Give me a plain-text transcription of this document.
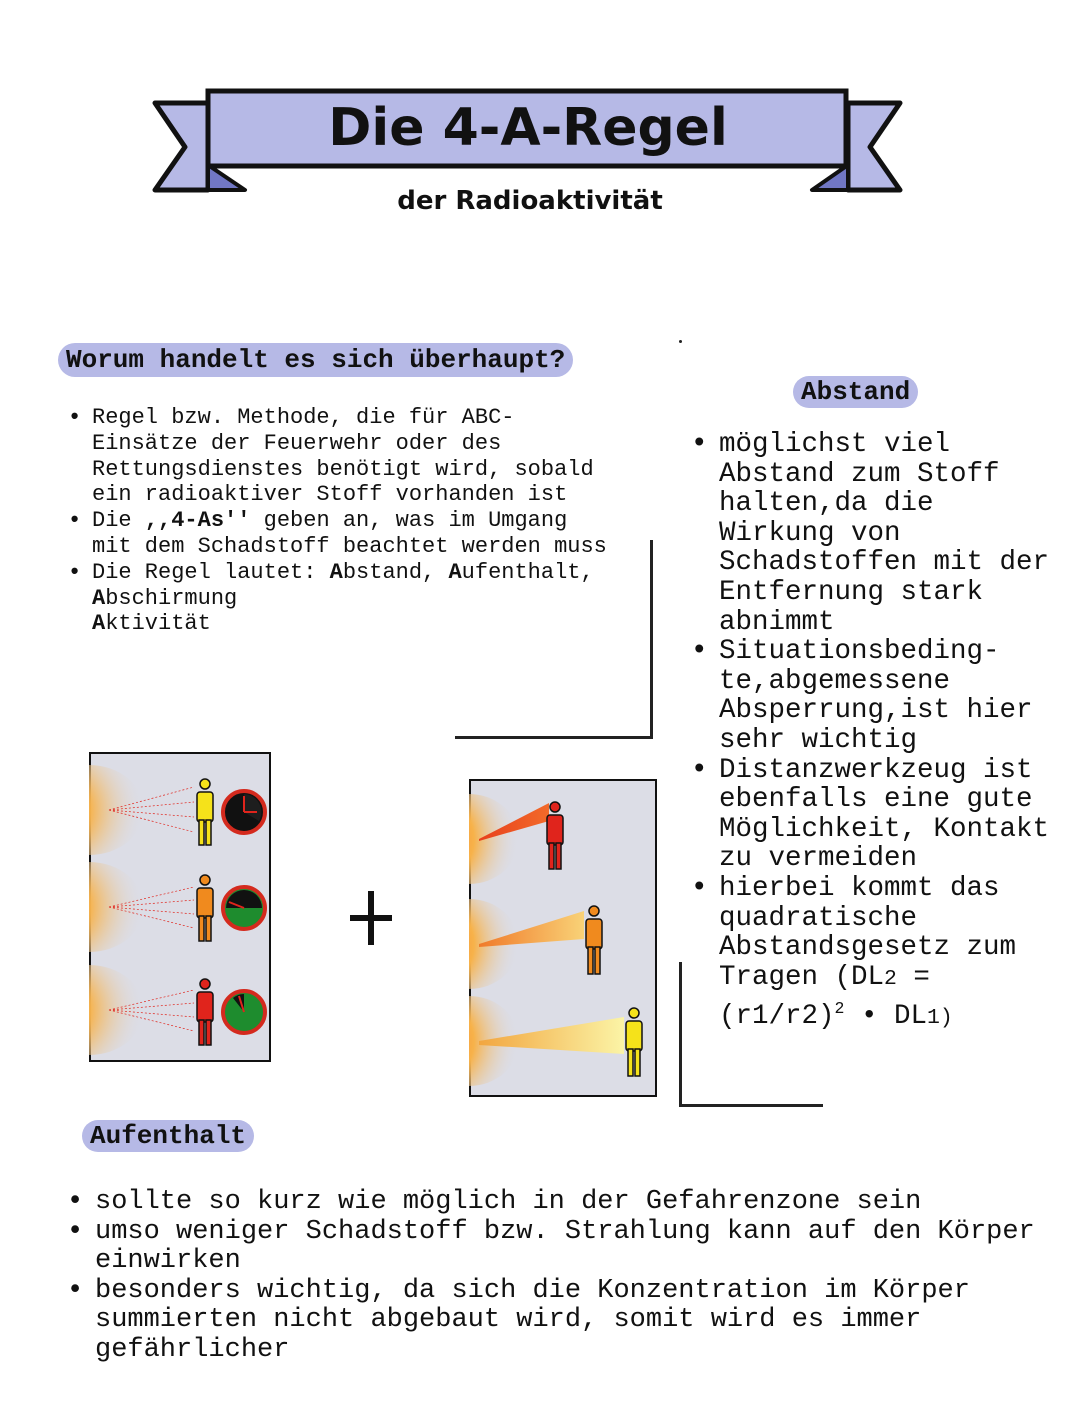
Die 4-A-Regel
der Radioaktivität
Worum handelt es sich überhaupt?
• Regel bzw. Methode, die für ABC-Einsätze der Feuerwehr oder des Rettungsdienstes benötigt wird, sobald ein radioaktiver Stoff vorhanden ist
• Die ,,4-As'' geben an, was im Umgang mit dem Schadstoff beachtet werden muss
• Die Regel lautet: Abstand, Aufenthalt, Abschirmung
Aktivität
Abstand
• möglichst viel Abstand zum Stoff halten,da die Wirkung von Schadstoffen mit der Entfernung stark abnimmt
• Situationsbeding-te,abgemessene Absperrung,ist hier sehr wichtig
• Distanzwerkzeug ist ebenfalls eine gute Möglichkeit, Kontakt zu vermeiden
• hierbei kommt das quadratische Abstandsgesetz zum Tragen ($DL2 = (r1/r2)^2$ • DL1)
Aufenthalt
• sollte so kurz wie möglich in der Gefahrenzone sein
• umso weniger Schadstoff bzw. Strahlung kann auf den Körper einwirken
• besonders wichtig, da sich die Konzentration im Körper summierten nicht abgebaut wird, somit wird es immer gefährlicher
